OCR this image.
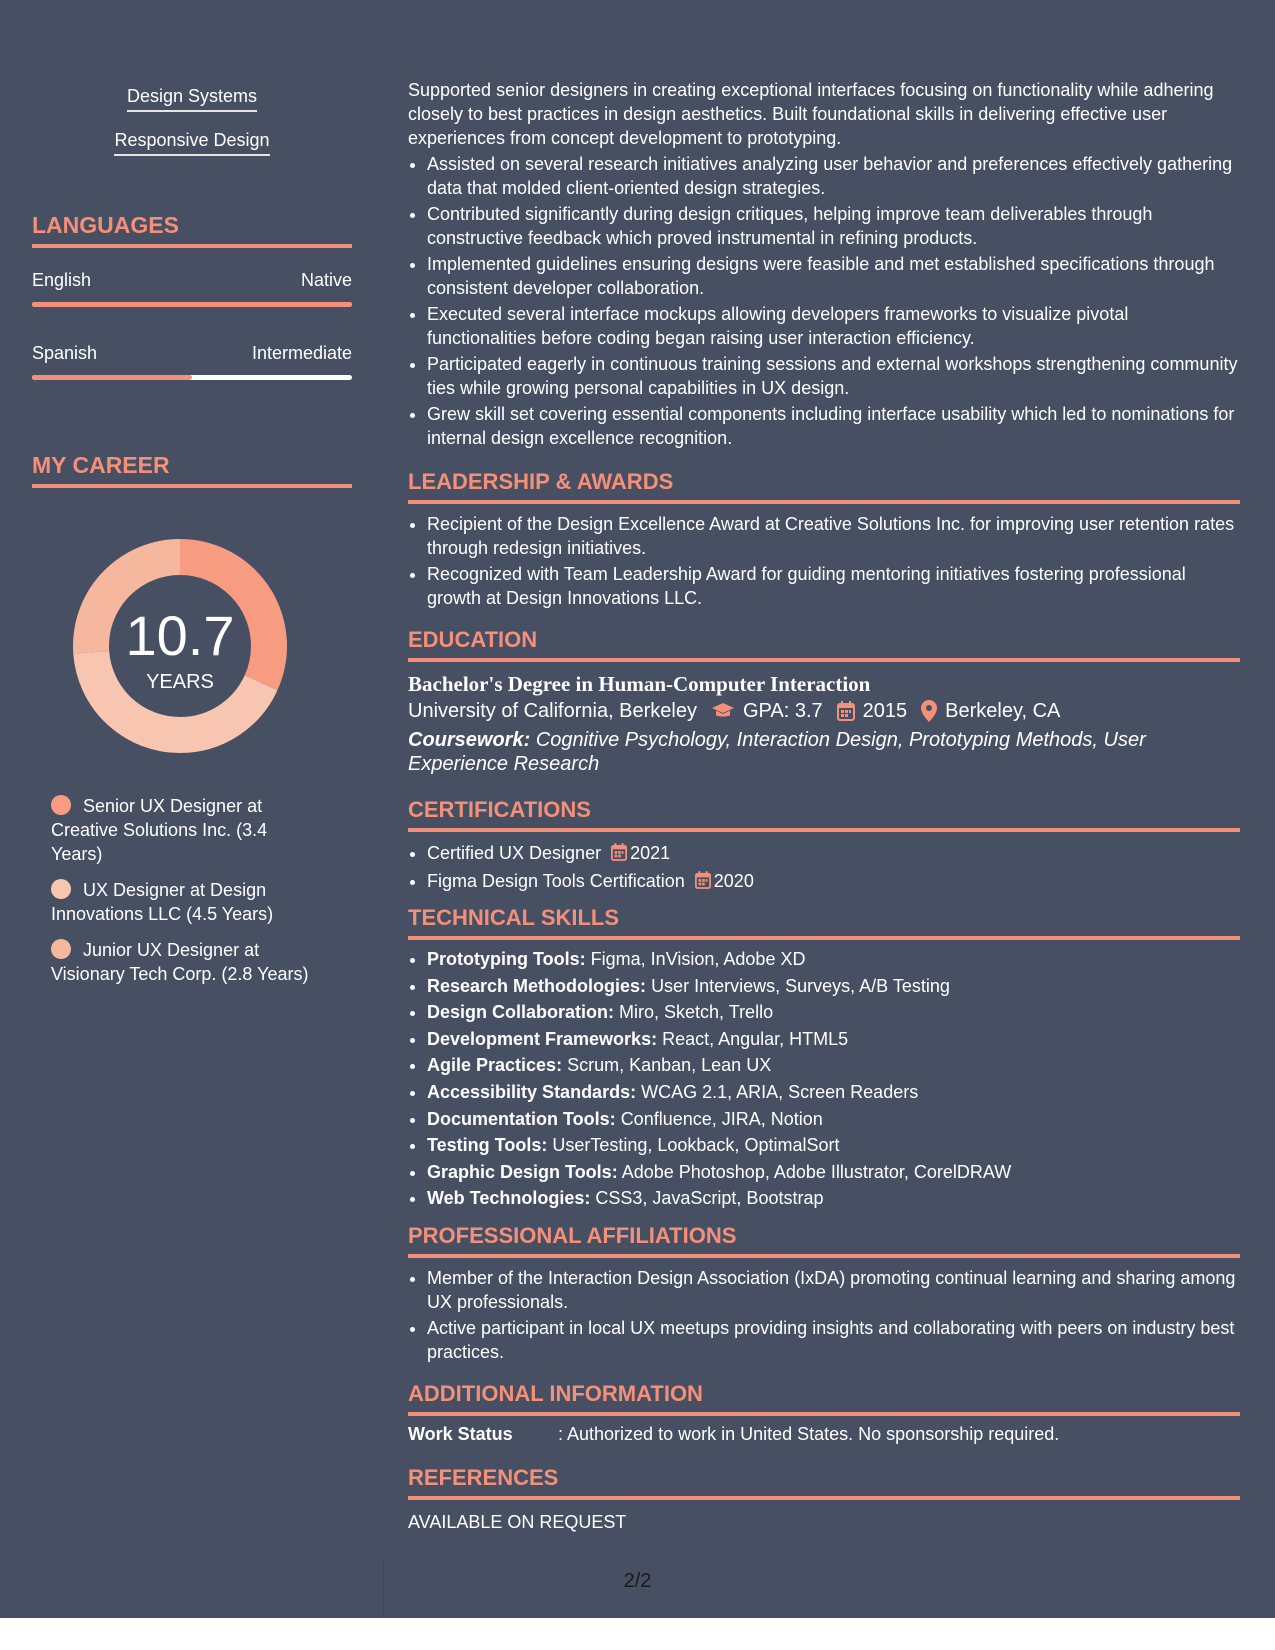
Design Systems
Responsive Design
LANGUAGES
English	Native
Spanish	Intermediate
MY CAREER
10.7
YEARS
Senior UX Designer at Creative Solutions Inc. (3.4 Years)
UX Designer at Design Innovations LLC (4.5 Years)
Junior UX Designer at Visionary Tech Corp. (2.8 Years)

Supported senior designers in creating exceptional interfaces focusing on functionality while adhering closely to best practices in design aesthetics. Built foundational skills in delivering effective user experiences from concept development to prototyping.

• Assisted on several research initiatives analyzing user behavior and preferences effectively gathering data that molded client-oriented design strategies.
• Contributed significantly during design critiques, helping improve team deliverables through constructive feedback which proved instrumental in refining products.
• Implemented guidelines ensuring designs were feasible and met established specifications through consistent developer collaboration.
• Executed several interface mockups allowing developers frameworks to visualize pivotal functionalities before coding began raising user interaction efficiency.
• Participated eagerly in continuous training sessions and external workshops strengthening community ties while growing personal capabilities in UX design.
• Grew skill set covering essential components including interface usability which led to nominations for internal design excellence recognition.
LEADERSHIP & AWARDS
• Recipient of the Design Excellence Award at Creative Solutions Inc. for improving user retention rates through redesign initiatives.
• Recognized with Team Leadership Award for guiding mentoring initiatives fostering professional growth at Design Innovations LLC.
EDUCATION

Bachelor's Degree in Human-Computer Interaction

University of California, Berkeley GPA: 3.7 2015 Berkeley, CA
Coursework: Cognitive Psychology, Interaction Design, Prototyping Methods, User Experience Research
CERTIFICATIONS
• Certified UX Designer 2021
• Figma Design Tools Certification 2020
TECHNICAL SKILLS
• Prototyping Tools: Figma, InVision, Adobe XD
• Research Methodologies: User Interviews, Surveys, A/B Testing
• Design Collaboration: Miro, Sketch, Trello
• Development Frameworks: React, Angular, HTML5
• Agile Practices: Scrum, Kanban, Lean UX
• Accessibility Standards: WCAG 2.1, ARIA, Screen Readers
• Documentation Tools: Confluence, JIRA, Notion
• Testing Tools: UserTesting, Lookback, OptimalSort
• Graphic Design Tools: Adobe Photoshop, Adobe Illustrator, CorelDRAW
• Web Technologies: CSS3, JavaScript, Bootstrap
PROFESSIONAL AFFILIATIONS
• Member of the Interaction Design Association (IxDA) promoting continual learning and sharing among UX professionals.
• Active participant in local UX meetups providing insights and collaborating with peers on industry best practices.
ADDITIONAL INFORMATION
Work Status	: Authorized to work in United States. No sponsorship required.
REFERENCES

AVAILABLE ON REQUEST

2/2
